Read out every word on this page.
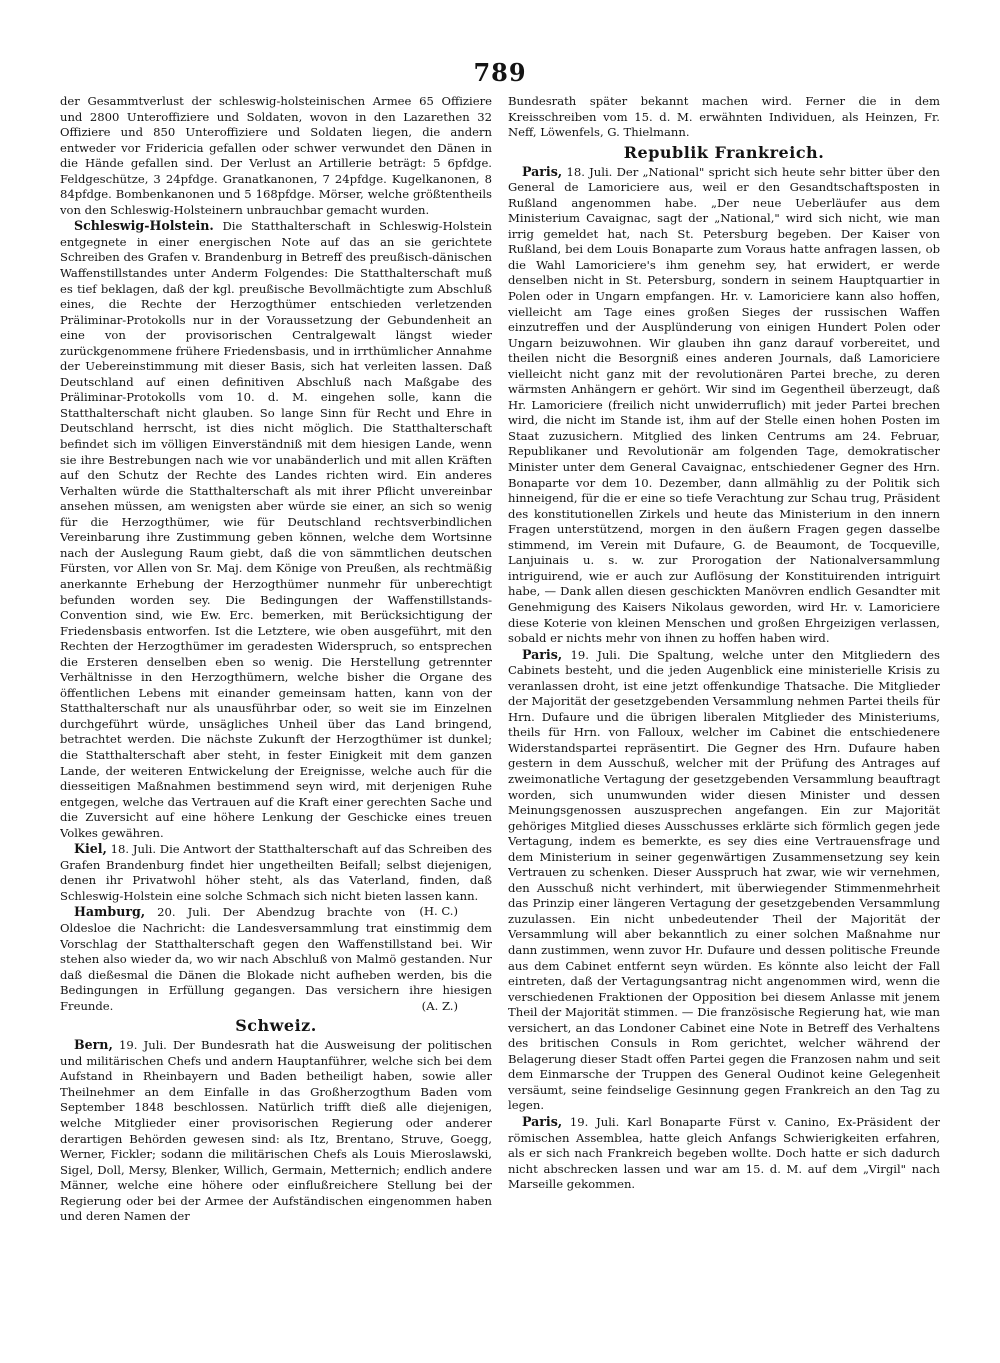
789

der Gesammtverlust der schleswig-holsteinischen Armee 65 Offiziere und 2800 Unteroffiziere und Soldaten, wovon in den Lazarethen 32 Offiziere und 850 Unteroffiziere und Soldaten liegen, die andern entweder vor Fridericia gefallen oder schwer verwundet den Dänen in die Hände gefallen sind. Der Verlust an Artillerie beträgt: 5 6pfdge. Feldgeschütze, 3 24pfdge. Granatkanonen, 7 24pfdge. Kugelkanonen, 8 84pfdge. Bombenkanonen und 5 168pfdge. Mörser, welche größtentheils von den Schleswig-Holsteinern unbrauchbar gemacht wurden.

Schleswig-Holstein. Die Statthalterschaft in Schleswig-Holstein entgegnete in einer energischen Note auf das an sie gerichtete Schreiben des Grafen v. Brandenburg in Betreff des preußisch-dänischen Waffenstillstandes unter Anderm Folgendes: Die Statthalterschaft muß es tief beklagen, daß der kgl. preußische Bevollmächtigte zum Abschluß eines, die Rechte der Herzogthümer entschieden verletzenden Präliminar-Protokolls nur in der Voraussetzung der Gebundenheit an eine von der provisorischen Centralgewalt längst wieder zurückgenommene frühere Friedensbasis, und in irrthümlicher Annahme der Uebereinstimmung mit dieser Basis, sich hat verleiten lassen. Daß Deutschland auf einen definitiven Abschluß nach Maßgabe des Präliminar-Protokolls vom 10. d. M. eingehen solle, kann die Statthalterschaft nicht glauben. So lange Sinn für Recht und Ehre in Deutschland herrscht, ist dies nicht möglich. Die Statthalterschaft befindet sich im völligen Einverständniß mit dem hiesigen Lande, wenn sie ihre Bestrebungen nach wie vor unabänderlich und mit allen Kräften auf den Schutz der Rechte des Landes richten wird. Ein anderes Verhalten würde die Statthalterschaft als mit ihrer Pflicht unvereinbar ansehen müssen, am wenigsten aber würde sie einer, an sich so wenig für die Herzogthümer, wie für Deutschland rechtsverbindlichen Vereinbarung ihre Zustimmung geben können, welche dem Wortsinne nach der Auslegung Raum giebt, daß die von sämmtlichen deutschen Fürsten, vor Allen von Sr. Maj. dem Könige von Preußen, als rechtmäßig anerkannte Erhebung der Herzogthümer nunmehr für unberechtigt befunden worden sey. Die Bedingungen der Waffenstillstands-Convention sind, wie Ew. Erc. bemerken, mit Berücksichtigung der Friedensbasis entworfen. Ist die Letztere, wie oben ausgeführt, mit den Rechten der Herzogthümer im geradesten Widerspruch, so entsprechen die Ersteren denselben eben so wenig. Die Herstellung getrennter Verhältnisse in den Herzogthümern, welche bisher die Organe des öffentlichen Lebens mit einander gemeinsam hatten, kann von der Statthalterschaft nur als unausführbar oder, so weit sie im Einzelnen durchgeführt würde, unsägliches Unheil über das Land bringend, betrachtet werden. Die nächste Zukunft der Herzogthümer ist dunkel; die Statthalterschaft aber steht, in fester Einigkeit mit dem ganzen Lande, der weiteren Entwickelung der Ereignisse, welche auch für die diesseitigen Maßnahmen bestimmend seyn wird, mit derjenigen Ruhe entgegen, welche das Vertrauen auf die Kraft einer gerechten Sache und die Zuversicht auf eine höhere Lenkung der Geschicke eines treuen Volkes gewähren.

Kiel, 18. Juli. Die Antwort der Statthalterschaft auf das Schreiben des Grafen Brandenburg findet hier ungetheilten Beifall; selbst diejenigen, denen ihr Privatwohl höher steht, als das Vaterland, finden, daß Schleswig-Holstein eine solche Schmach sich nicht bieten lassen kann.
(H. C.)

Hamburg, 20. Juli. Der Abendzug brachte von Oldesloe die Nachricht: die Landesversammlung trat einstimmig dem Vorschlag der Statthalterschaft gegen den Waffenstillstand bei. Wir stehen also wieder da, wo wir nach Abschluß von Malmö gestanden. Nur daß dießesmal die Dänen die Blokade nicht aufheben werden, bis die Bedingungen in Erfüllung gegangen. Das versichern ihre hiesigen Freunde.	(A. Z.)

Schweiz.

Bern, 19. Juli. Der Bundesrath hat die Ausweisung der politischen und militärischen Chefs und andern Hauptanführer, welche sich bei dem Aufstand in Rheinbayern und Baden betheiligt haben, sowie aller Theilnehmer an dem Einfalle in das Großherzogthum Baden vom September 1848 beschlossen. Natürlich trifft dieß alle diejenigen, welche Mitglieder einer provisorischen Regierung oder anderer derartigen Behörden gewesen sind: als Itz, Brentano, Struve, Goegg, Werner, Fickler; sodann die militärischen Chefs als Louis Mieroslawski, Sigel, Doll, Mersy, Blenker, Willich, Germain, Metternich; endlich andere Männer, welche eine höhere oder einflußreichere Stellung bei der Regierung oder bei der Armee der Aufständischen eingenommen haben und deren Namen der

Bundesrath später bekannt machen wird. Ferner die in dem Kreisschreiben vom 15. d. M. erwähnten Individuen, als Heinzen, Fr. Neff, Löwenfels, G. Thielmann.

Republik Frankreich.

Paris, 18. Juli. Der „National" spricht sich heute sehr bitter über den General de Lamoriciere aus, weil er den Gesandtschaftsposten in Rußland angenommen habe. „Der neue Ueberläufer aus dem Ministerium Cavaignac, sagt der „National," wird sich nicht, wie man irrig gemeldet hat, nach St. Petersburg begeben. Der Kaiser von Rußland, bei dem Louis Bonaparte zum Voraus hatte anfragen lassen, ob die Wahl Lamoriciere's ihm genehm sey, hat erwidert, er werde denselben nicht in St. Petersburg, sondern in seinem Hauptquartier in Polen oder in Ungarn empfangen. Hr. v. Lamoriciere kann also hoffen, vielleicht am Tage eines großen Sieges der russischen Waffen einzutreffen und der Ausplünderung von einigen Hundert Polen oder Ungarn beizuwohnen. Wir glauben ihn ganz darauf vorbereitet, und theilen nicht die Besorgniß eines anderen Journals, daß Lamoriciere vielleicht nicht ganz mit der revolutionären Partei breche, zu deren wärmsten Anhängern er gehört. Wir sind im Gegentheil überzeugt, daß Hr. Lamoriciere (freilich nicht unwiderruflich) mit jeder Partei brechen wird, die nicht im Stande ist, ihm auf der Stelle einen hohen Posten im Staat zuzusichern. Mitglied des linken Centrums am 24. Februar, Republikaner und Revolutionär am folgenden Tage, demokratischer Minister unter dem General Cavaignac, entschiedener Gegner des Hrn. Bonaparte vor dem 10. Dezember, dann allmählig zu der Politik sich hinneigend, für die er eine so tiefe Verachtung zur Schau trug, Präsident des konstitutionellen Zirkels und heute das Ministerium in den innern Fragen unterstützend, morgen in den äußern Fragen gegen dasselbe stimmend, im Verein mit Dufaure, G. de Beaumont, de Tocqueville, Lanjuinais u. s. w. zur Prorogation der Nationalversammlung intriguirend, wie er auch zur Auflösung der Konstituirenden intriguirt habe, — Dank allen diesen geschickten Manövren endlich Gesandter mit Genehmigung des Kaisers Nikolaus geworden, wird Hr. v. Lamoriciere diese Koterie von kleinen Menschen und großen Ehrgeizigen verlassen, sobald er nichts mehr von ihnen zu hoffen haben wird.

Paris, 19. Juli. Die Spaltung, welche unter den Mitgliedern des Cabinets besteht, und die jeden Augenblick eine ministerielle Krisis zu veranlassen droht, ist eine jetzt offenkundige Thatsache. Die Mitglieder der Majorität der gesetzgebenden Versammlung nehmen Partei theils für Hrn. Dufaure und die übrigen liberalen Mitglieder des Ministeriums, theils für Hrn. von Falloux, welcher im Cabinet die entschiedenere Widerstandspartei repräsentirt. Die Gegner des Hrn. Dufaure haben gestern in dem Ausschuß, welcher mit der Prüfung des Antrages auf zweimonatliche Vertagung der gesetzgebenden Versammlung beauftragt worden, sich unumwunden wider diesen Minister und dessen Meinungsgenossen auszusprechen angefangen. Ein zur Majorität gehöriges Mitglied dieses Ausschusses erklärte sich förmlich gegen jede Vertagung, indem es bemerkte, es sey dies eine Vertrauensfrage und dem Ministerium in seiner gegenwärtigen Zusammensetzung sey kein Vertrauen zu schenken. Dieser Ausspruch hat zwar, wie wir vernehmen, den Ausschuß nicht verhindert, mit überwiegender Stimmenmehrheit das Prinzip einer längeren Vertagung der gesetzgebenden Versammlung zuzulassen. Ein nicht unbedeutender Theil der Majorität der Versammlung will aber bekanntlich zu einer solchen Maßnahme nur dann zustimmen, wenn zuvor Hr. Dufaure und dessen politische Freunde aus dem Cabinet entfernt seyn würden. Es könnte also leicht der Fall eintreten, daß der Vertagungsantrag nicht angenommen wird, wenn die verschiedenen Fraktionen der Opposition bei diesem Anlasse mit jenem Theil der Majorität stimmen. — Die französische Regierung hat, wie man versichert, an das Londoner Cabinet eine Note in Betreff des Verhaltens des britischen Consuls in Rom gerichtet, welcher während der Belagerung dieser Stadt offen Partei gegen die Franzosen nahm und seit dem Einmarsche der Truppen des General Oudinot keine Gelegenheit versäumt, seine feindselige Gesinnung gegen Frankreich an den Tag zu legen.

Paris, 19. Juli. Karl Bonaparte Fürst v. Canino, Ex-Präsident der römischen Assemblea, hatte gleich Anfangs Schwierigkeiten erfahren, als er sich nach Frankreich begeben wollte. Doch hatte er sich dadurch nicht abschrecken lassen und war am 15. d. M. auf dem „Virgil" nach Marseille gekommen.
